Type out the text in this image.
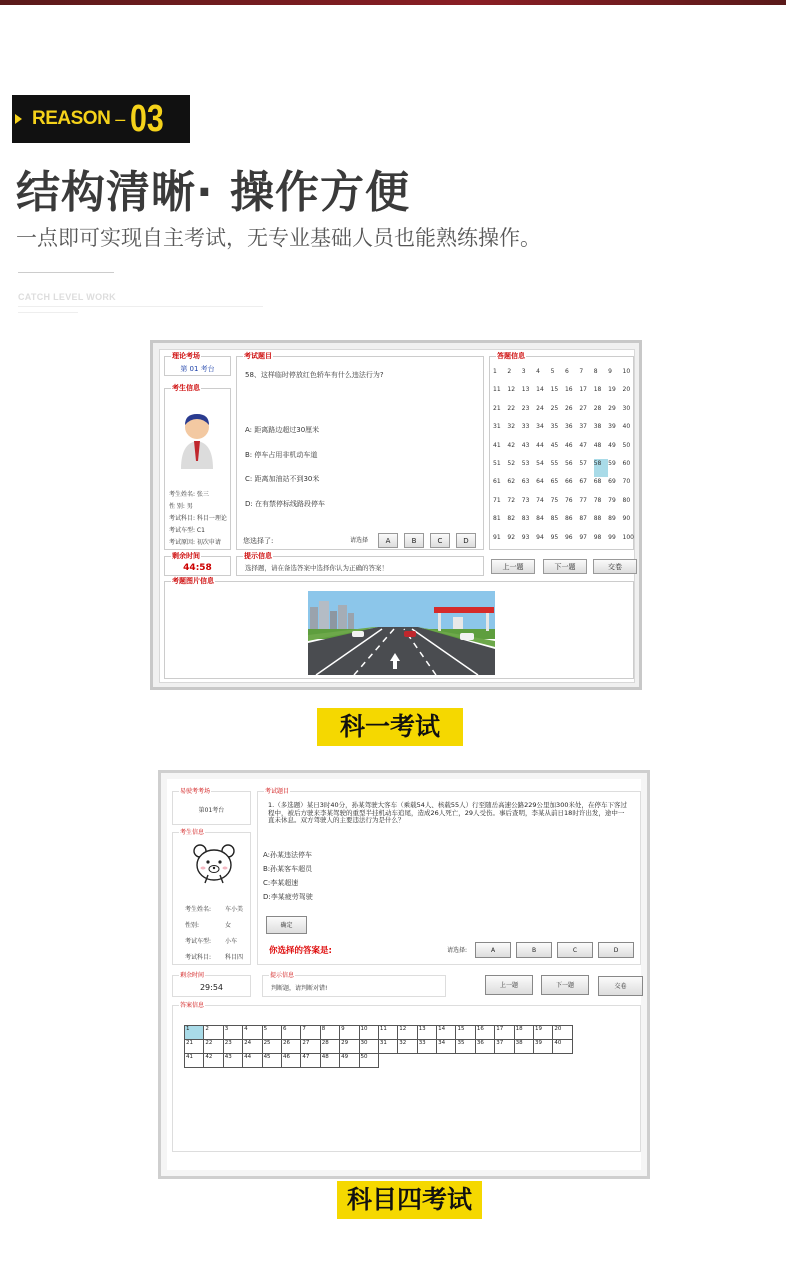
REASON – 03
结构清晰· 操作方便
一点即可实现自主考试，无专业基础人员也能熟练操作。
CATCH LEVEL WORK
理论考场
第 01 考台
考生信息
考生姓名: 张三
性 别: 男
考试科目: 科目一理论
考试车型: C1
考试原因: 初次申请
考试题目
58、这样临时停放红色轿车有什么违法行为?
A: 距离路边超过30厘米
B: 停车占用非机动车道
C: 距离加油站不到30米
D: 在有禁停标线路段停车
您选择了:	请选择	A	B	C	D
答题信息
1	2	3	4	5	6	7	8	9	10
11	12	13	14	15	16	17	18	19	20
21	22	23	24	25	26	27	28	29	30
31	32	33	34	35	36	37	38	39	40
41	42	43	44	45	46	47	48	49	50
51	52	53	54	55	56	57	58	59	60
61	62	63	64	65	66	67	68	69	70
71	72	73	74	75	76	77	78	79	80
81	82	83	84	85	86	87	88	89	90
91	92	93	94	95	96	97	98	99	100
剩余时间
44:58
提示信息
选择题，请在备选答案中选择你认为正确的答案！	上一题	下一题	交卷
考题图片信息
科一考试
易驶考考场
第01考台
考生信息
考生姓名: 车小美
性别:	女
考试车型: 小车
考试科目: 科目四
考试题目
1.（多选题）某日3时40分，孙某驾驶大客车（乘载54人、核载55人）行至随岳高速公路229公里加300米处，在停车下客过程中，被后方驶来李某驾驶的重型半挂机动车追尾，造成26人死亡，29人受伤。事后查明，李某从前日18时许出发，途中一直未休息。双方驾驶人的主要违法行为是什么？
A:孙某违法停车
B:孙某客车超员
C:李某超速
D:李某疲劳驾驶
确定
你选择的答案是:	请选择:	A	B	C	D
剩余时间
29:54
提示信息
判断题，请判断对错!	上一题	下一题	交卷
答案信息
1	2	3	4	5	6	7	8	9	10	11	12	13	14	15	16	17	18	19	20
21	22	23	24	25	26	27	28	29	30	31	32	33	34	35	36	37	38	39	40
41	42	43	44	45	46	47	48	49	50
科目四考试
